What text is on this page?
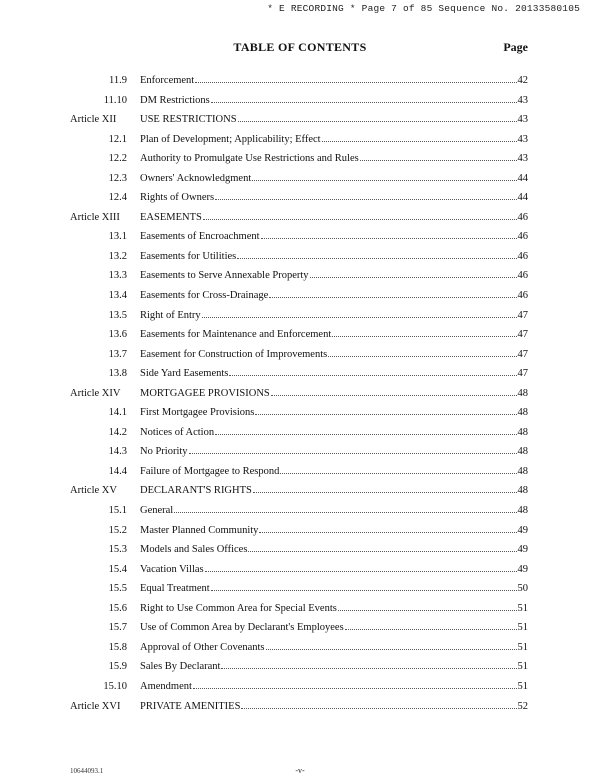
* E RECORDING * Page 7 of 85 Sequence No. 20133580105
TABLE OF CONTENTS	Page
11.9 Enforcement	42
11.10 DM Restrictions	43
Article XII USE RESTRICTIONS	43
12.1 Plan of Development; Applicability; Effect	43
12.2 Authority to Promulgate Use Restrictions and Rules	43
12.3 Owners' Acknowledgment	44
12.4 Rights of Owners	44
Article XIII EASEMENTS	46
13.1 Easements of Encroachment	46
13.2 Easements for Utilities	46
13.3 Easements to Serve Annexable Property	46
13.4 Easements for Cross-Drainage	46
13.5 Right of Entry	47
13.6 Easements for Maintenance and Enforcement	47
13.7 Easement for Construction of Improvements	47
13.8 Side Yard Easements	47
Article XIV MORTGAGEE PROVISIONS	48
14.1 First Mortgagee Provisions	48
14.2 Notices of Action	48
14.3 No Priority	48
14.4 Failure of Mortgagee to Respond	48
Article XV DECLARANT'S RIGHTS	48
15.1 General	48
15.2 Master Planned Community	49
15.3 Models and Sales Offices	49
15.4 Vacation Villas	49
15.5 Equal Treatment	50
15.6 Right to Use Common Area for Special Events	51
15.7 Use of Common Area by Declarant's Employees	51
15.8 Approval of Other Covenants	51
15.9 Sales By Declarant	51
15.10 Amendment	51
Article XVI PRIVATE AMENITIES	52
10644093.1	-v-
